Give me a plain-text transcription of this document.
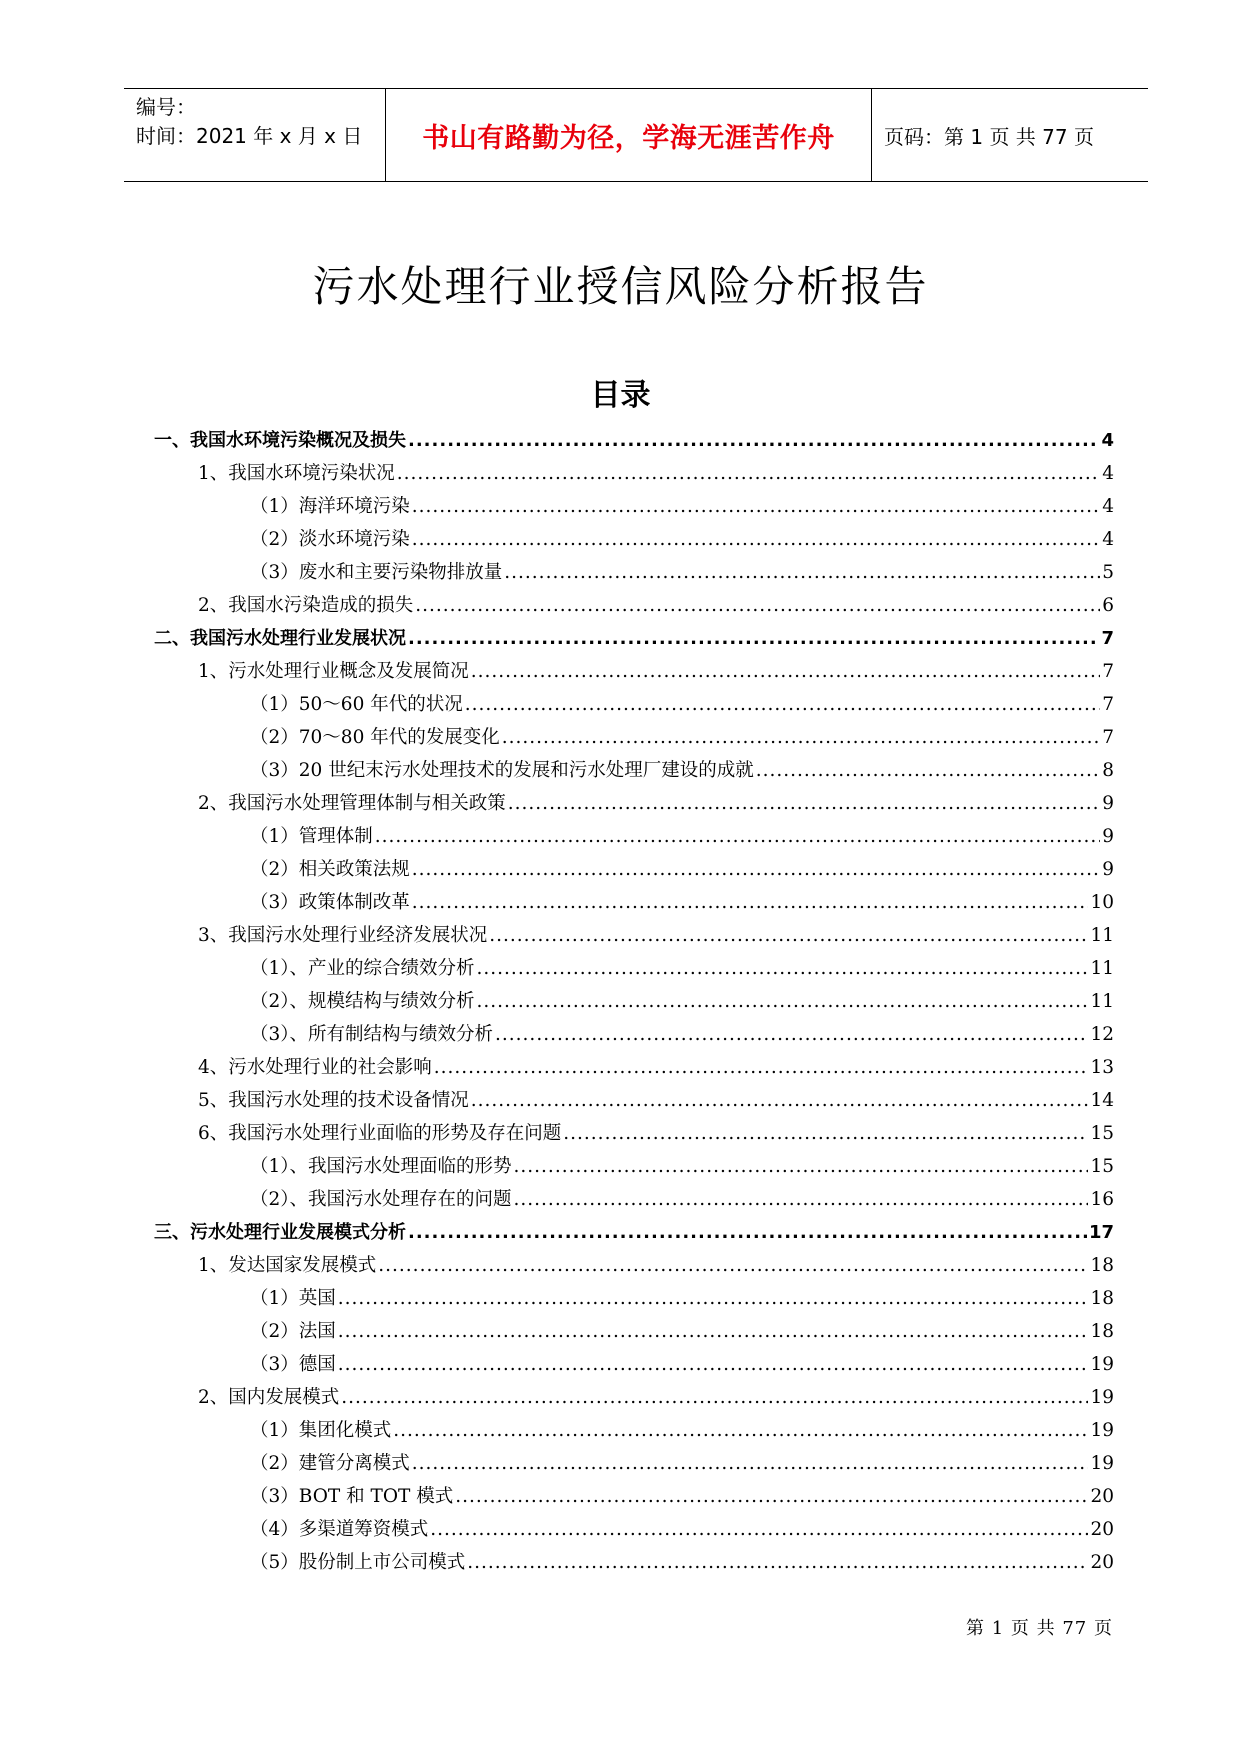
编号：
时间：2021 年 x 月 x 日	书山有路勤为径，学海无涯苦作舟	页码：第 1 页 共 77 页
污水处理行业授信风险分析报告
目录
一、我国水环境污染概况及损失 .....	4
1、我国水环境污染状况 .....	4
（1）海洋环境污染 .....	4
（2）淡水环境污染 .....	4
（3）废水和主要污染物排放量 .....	5
2、我国水污染造成的损失 .....	6
二、我国污水处理行业发展状况 .....	7
1、污水处理行业概念及发展简况 .....	7
（1）50～60 年代的状况 .....	7
（2）70～80 年代的发展变化 .....	7
（3）20 世纪末污水处理技术的发展和污水处理厂建设的成就 .....	8
2、我国污水处理管理体制与相关政策 .....	9
（1）管理体制 .....	9
（2）相关政策法规 .....	9
（3）政策体制改革 .....	10
3、我国污水处理行业经济发展状况 .....	11
（1）、产业的综合绩效分析 .....	11
（2）、规模结构与绩效分析 .....	11
（3）、所有制结构与绩效分析 .....	12
4、污水处理行业的社会影响 .....	13
5、我国污水处理的技术设备情况 .....	14
6、我国污水处理行业面临的形势及存在问题 .....	15
（1）、我国污水处理面临的形势 .....	15
（2）、我国污水处理存在的问题 .....	16
三、污水处理行业发展模式分析 .....	17
1、发达国家发展模式 .....	18
（1）英国 .....	18
（2）法国 .....	18
（3）德国 .....	19
2、国内发展模式 .....	19
（1）集团化模式 .....	19
（2）建管分离模式 .....	19
（3）BOT 和 TOT 模式 .....	20
（4）多渠道筹资模式 .....	20
（5）股份制上市公司模式 .....	20
第 1 页 共 77 页
